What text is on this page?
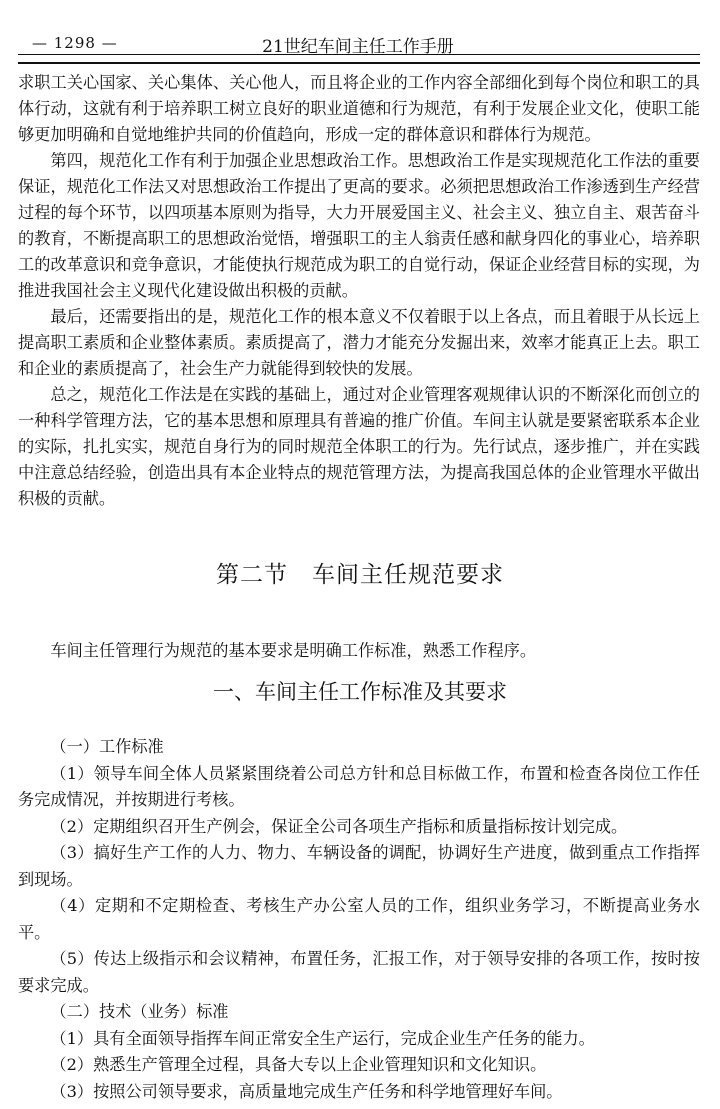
— 1298 —	21世纪车间主任工作手册

求职工关心国家、关心集体、关心他人，而且将企业的工作内容全部细化到每个岗位和职工的具体行动，这就有利于培养职工树立良好的职业道德和行为规范，有利于发展企业文化，使职工能够更加明确和自觉地维护共同的价值趋向，形成一定的群体意识和群体行为规范。

第四，规范化工作有利于加强企业思想政治工作。思想政治工作是实现规范化工作法的重要保证，规范化工作法又对思想政治工作提出了更高的要求。必须把思想政治工作渗透到生产经营过程的每个环节，以四项基本原则为指导，大力开展爱国主义、社会主义、独立自主、艰苦奋斗的教育，不断提高职工的思想政治觉悟，增强职工的主人翁责任感和献身四化的事业心，培养职工的改革意识和竞争意识，才能使执行规范成为职工的自觉行动，保证企业经营目标的实现，为推进我国社会主义现代化建设做出积极的贡献。

最后，还需要指出的是，规范化工作的根本意义不仅着眼于以上各点，而且着眼于从长远上提高职工素质和企业整体素质。素质提高了，潜力才能充分发掘出来，效率才能真正上去。职工和企业的素质提高了，社会生产力就能得到较快的发展。

总之，规范化工作法是在实践的基础上，通过对企业管理客观规律认识的不断深化而创立的一种科学管理方法，它的基本思想和原理具有普遍的推广价值。车间主认就是要紧密联系本企业的实际，扎扎实实，规范自身行为的同时规范全体职工的行为。先行试点，逐步推广，并在实践中注意总结经验，创造出具有本企业特点的规范管理方法，为提高我国总体的企业管理水平做出积极的贡献。

第二节　车间主任规范要求

车间主任管理行为规范的基本要求是明确工作标准，熟悉工作程序。

一、车间主任工作标准及其要求

（一）工作标准

（1）领导车间全体人员紧紧围绕着公司总方针和总目标做工作，布置和检查各岗位工作任务完成情况，并按期进行考核。

（2）定期组织召开生产例会，保证全公司各项生产指标和质量指标按计划完成。

（3）搞好生产工作的人力、物力、车辆设备的调配，协调好生产进度，做到重点工作指挥到现场。

（4）定期和不定期检查、考核生产办公室人员的工作，组织业务学习，不断提高业务水平。

（5）传达上级指示和会议精神，布置任务，汇报工作，对于领导安排的各项工作，按时按要求完成。

（二）技术（业务）标准

（1）具有全面领导指挥车间正常安全生产运行，完成企业生产任务的能力。

（2）熟悉生产管理全过程，具备大专以上企业管理知识和文化知识。

（3）按照公司领导要求，高质量地完成生产任务和科学地管理好车间。
